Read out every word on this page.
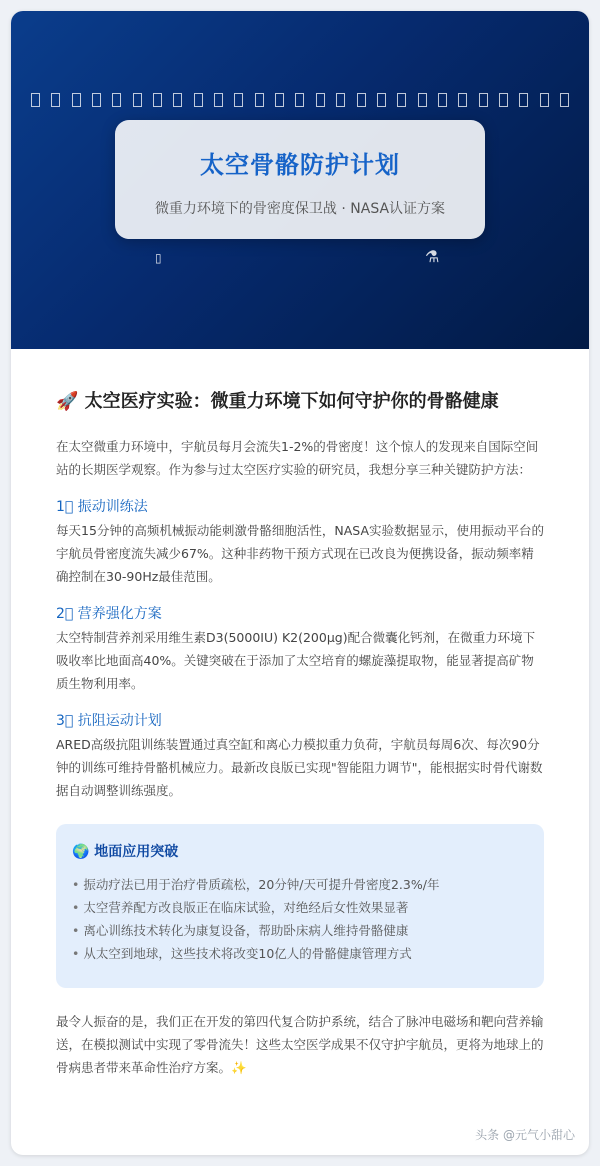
▯	⚗
太空骨骼防护计划

微重力环境下的骨密度保卫战 · NASA认证方案

🚀 太空医疗实验：微重力环境下如何守护你的骨骼健康

在太空微重力环境中，宇航员每月会流失1-2%的骨密度！这个惊人的发现来自国际空间站的长期医学观察。作为参与过太空医疗实验的研究员，我想分享三种关键防护方法：

1⃣ 振动训练法

每天15分钟的高频机械振动能刺激骨骼细胞活性，NASA实验数据显示，使用振动平台的宇航员骨密度流失减少67%。这种非药物干预方式现在已改良为便携设备，振动频率精确控制在30-90Hz最佳范围。

2⃣ 营养强化方案

太空特制营养剂采用维生素D3(5000IU) K2(200μg)配合微囊化钙剂，在微重力环境下吸收率比地面高40%。关键突破在于添加了太空培育的螺旋藻提取物，能显著提高矿物质生物利用率。

3⃣ 抗阻运动计划

ARED高级抗阻训练装置通过真空缸和离心力模拟重力负荷，宇航员每周6次、每次90分钟的训练可维持骨骼机械应力。最新改良版已实现"智能阻力调节"，能根据实时骨代谢数据自动调整训练强度。

🌍 地面应用突破
• 振动疗法已用于治疗骨质疏松，20分钟/天可提升骨密度2.3%/年
• 太空营养配方改良版正在临床试验，对绝经后女性效果显著
• 离心训练技术转化为康复设备，帮助卧床病人维持骨骼健康
• 从太空到地球，这些技术将改变10亿人的骨骼健康管理方式

最令人振奋的是，我们正在开发的第四代复合防护系统，结合了脉冲电磁场和靶向营养输送，在模拟测试中实现了零骨流失！这些太空医学成果不仅守护宇航员，更将为地球上的骨病患者带来革命性治疗方案。✨

头条 @元气小甜心
